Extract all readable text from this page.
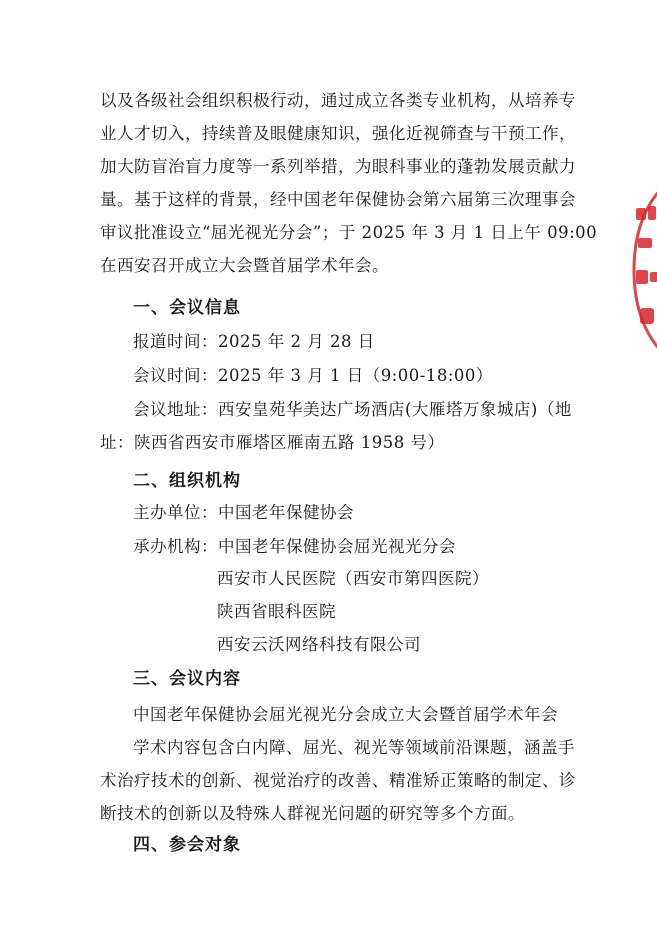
以及各级社会组织积极行动，通过成立各类专业机构，从培养专

业人才切入，持续普及眼健康知识，强化近视筛查与干预工作，

加大防盲治盲力度等一系列举措，为眼科事业的蓬勃发展贡献力

量。基于这样的背景，经中国老年保健协会第六届第三次理事会

审议批准设立“屈光视光分会”；于 2025 年 3 月 1 日上午 09:00

在西安召开成立大会暨首届学术年会。

一、会议信息

报道时间：2025 年 2 月 28 日

会议时间：2025 年 3 月 1 日（9:00-18:00）

会议地址：西安皇苑华美达广场酒店(大雁塔万象城店)（地

址：陕西省西安市雁塔区雁南五路 1958 号）

二、组织机构

主办单位：中国老年保健协会

承办机构：中国老年保健协会屈光视光分会

西安市人民医院（西安市第四医院）
陕西省眼科医院
西安云沃网络科技有限公司
三、会议内容

中国老年保健协会屈光视光分会成立大会暨首届学术年会

学术内容包含白内障、屈光、视光等领域前沿课题，涵盖手

术治疗技术的创新、视觉治疗的改善、精准矫正策略的制定、诊

断技术的创新以及特殊人群视光问题的研究等多个方面。

四、参会对象
